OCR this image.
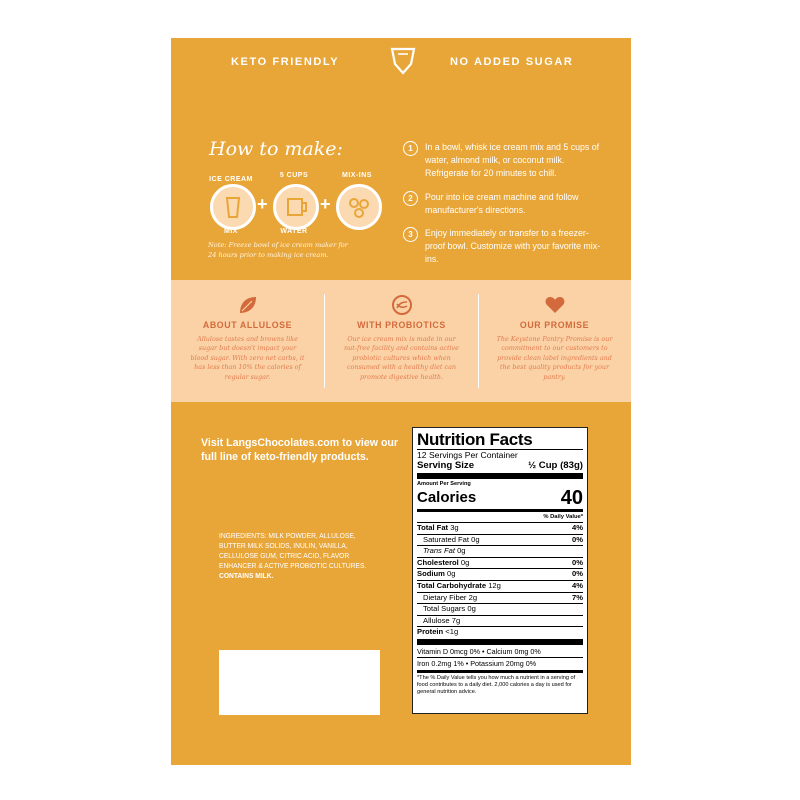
KETO FRIENDLY	NO ADDED SUGAR
How to make:
ICE CREAM
MIX
+
5 CUPS
WATER
+
MIX-INS
Note: Freeze bowl of ice cream maker for 24 hours prior to making ice cream.
1	In a bowl, whisk ice cream mix and 5 cups of water, almond milk, or coconut milk. Refrigerate for 20 minutes to chill.
2	Pour into ice cream machine and follow manufacturer's directions.
3	Enjoy immediately or transfer to a freezer-proof bowl. Customize with your favorite mix-ins.
ABOUT ALLULOSE
Allulose tastes and browns like sugar but doesn't impact your blood sugar. With zero net carbs, it has less than 10% the calories of regular sugar.
WITH PROBIOTICS
Our ice cream mix is made in our nut-free facility and contains active probiotic cultures which when consumed with a healthy diet can promote digestive health.
OUR PROMISE
The Keystone Pantry Promise is our commitment to our customers to provide clean label ingredients and the best quality products for your pantry.
Visit LangsChocolates.com to view our full line of keto-friendly products.
INGREDIENTS: MILK POWDER, ALLULOSE, BUTTER MILK SOLIDS, INULIN, VANILLA, CELLULOSE GUM, CITRIC ACID, FLAVOR ENHANCER & ACTIVE PROBIOTIC CULTURES.
CONTAINS MILK.
Nutrition Facts
12 Servings Per Container
Serving Size	½ Cup (83g)
Amount Per Serving
Calories	40
% Daily Value*
Total Fat 3g	4%
Saturated Fat 0g	0%
Trans Fat 0g
Cholesterol 0g	0%
Sodium 0g	0%
Total Carbohydrate 12g	4%
Dietary Fiber 2g	7%
Total Sugars 0g
Allulose 7g
Protein <1g
Vitamin D 0mcg 0% • Calcium 0mg 0%
Iron 0.2mg 1% • Potassium 20mg 0%
*The % Daily Value tells you how much a nutrient in a serving of food contributes to a daily diet. 2,000 calories a day is used for general nutrition advice.
